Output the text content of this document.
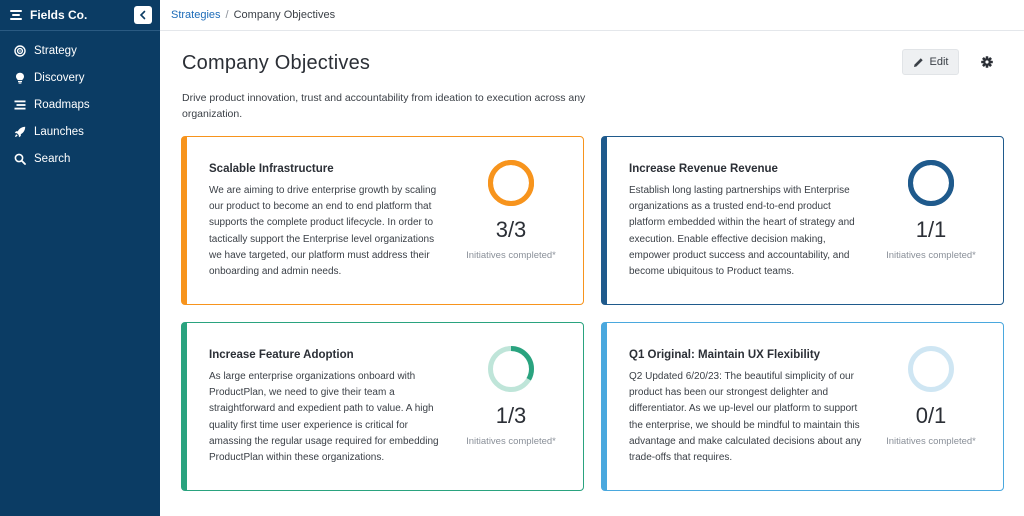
Fields Co.
Strategy
Discovery
Roadmaps
Launches
Search
Strategies / Company Objectives
Company Objectives	Edit

Drive product innovation, trust and accountability from ideation to execution across any organization.

Scalable Infrastructure
We are aiming to drive enterprise growth by scaling our product to become an end to end platform that supports the complete product lifecycle. In order to tactically support the Enterprise level organizations we have targeted, our platform must address their onboarding and admin needs.
3/3
Initiatives completed*
Increase Revenue Revenue
Establish long lasting partnerships with Enterprise organizations as a trusted end-to-end product platform embedded within the heart of strategy and execution. Enable effective decision making, empower product success and accountability, and become ubiquitous to Product teams.
1/1
Initiatives completed*
Increase Feature Adoption
As large enterprise organizations onboard with ProductPlan, we need to give their team a straightforward and expedient path to value. A high quality first time user experience is critical for amassing the regular usage required for embedding ProductPlan within these organizations.
1/3
Initiatives completed*
Q1 Original: Maintain UX Flexibility
Q2 Updated 6/20/23: The beautiful simplicity of our product has been our strongest delighter and differentiator. As we up-level our platform to support the enterprise, we should be mindful to maintain this advantage and make calculated decisions about any trade-offs that requires.
0/1
Initiatives completed*
